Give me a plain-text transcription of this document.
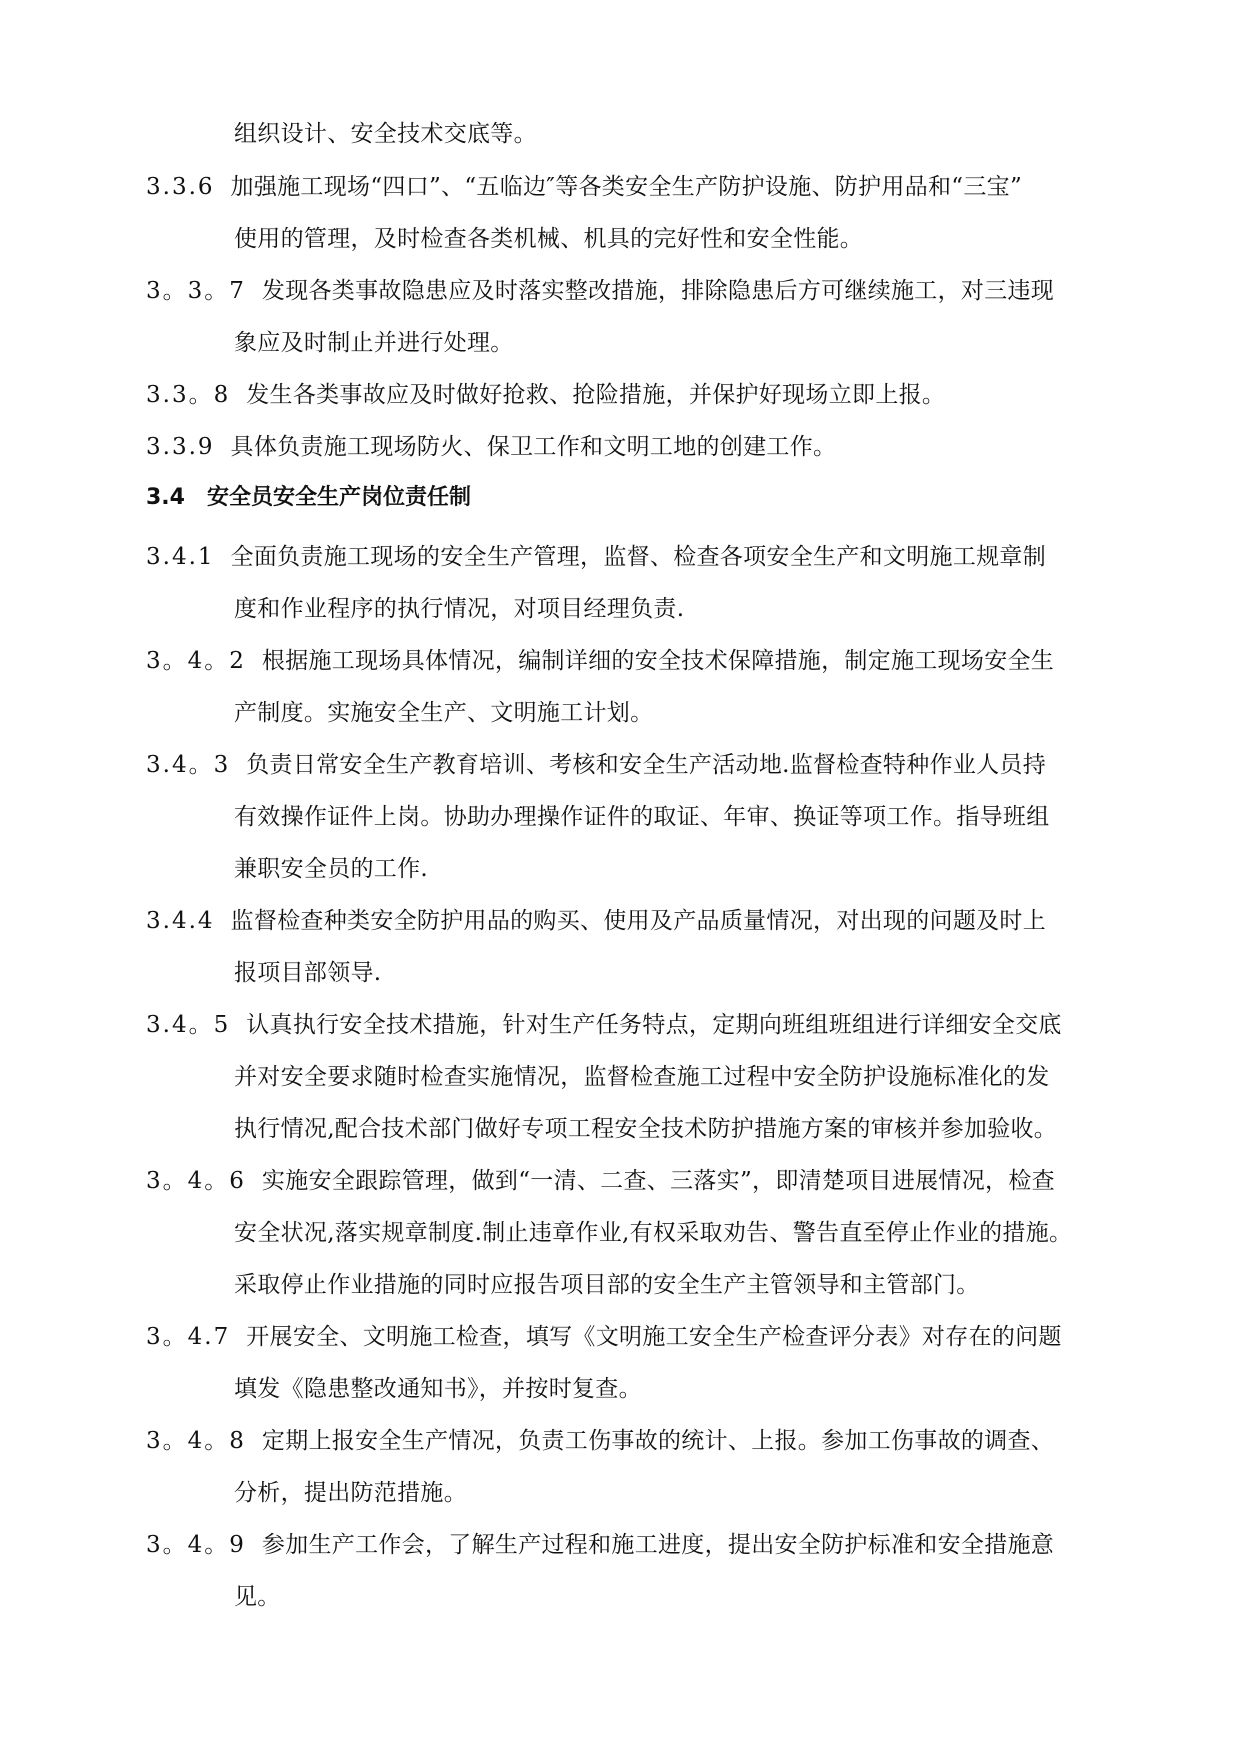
组织设计、安全技术交底等。
3.3.6 加强施工现场“四口”、“五临边″等各类安全生产防护设施、防护用品和“三宝”
使用的管理，及时检查各类机械、机具的完好性和安全性能。
3。3。7 发现各类事故隐患应及时落实整改措施，排除隐患后方可继续施工，对三违现
象应及时制止并进行处理。
3.3。8 发生各类事故应及时做好抢救、抢险措施，并保护好现场立即上报。
3.3.9 具体负责施工现场防火、保卫工作和文明工地的创建工作。
3.4 安全员安全生产岗位责任制
3.4.1 全面负责施工现场的安全生产管理，监督、检查各项安全生产和文明施工规章制
度和作业程序的执行情况，对项目经理负责.
3。4。2 根据施工现场具体情况，编制详细的安全技术保障措施，制定施工现场安全生
产制度。实施安全生产、文明施工计划。
3.4。3 负责日常安全生产教育培训、考核和安全生产活动地.监督检查特种作业人员持
有效操作证件上岗。协助办理操作证件的取证、年审、换证等项工作。指导班组
兼职安全员的工作.
3.4.4 监督检查种类安全防护用品的购买、使用及产品质量情况，对出现的问题及时上
报项目部领导.
3.4。5 认真执行安全技术措施，针对生产任务特点，定期向班组班组进行详细安全交底
并对安全要求随时检查实施情况，监督检查施工过程中安全防护设施标准化的发
执行情况,配合技术部门做好专项工程安全技术防护措施方案的审核并参加验收。
3。4。6 实施安全跟踪管理，做到“一清、二查、三落实”，即清楚项目进展情况，检查
安全状况,落实规章制度.制止违章作业,有权采取劝告、警告直至停止作业的措施。
采取停止作业措施的同时应报告项目部的安全生产主管领导和主管部门。
3。4.7 开展安全、文明施工检查，填写《文明施工安全生产检查评分表》对存在的问题
填发《隐患整改通知书》，并按时复查。
3。4。8 定期上报安全生产情况，负责工伤事故的统计、上报。参加工伤事故的调查、
分析，提出防范措施。
3。4。9 参加生产工作会，了解生产过程和施工进度，提出安全防护标准和安全措施意
见。
